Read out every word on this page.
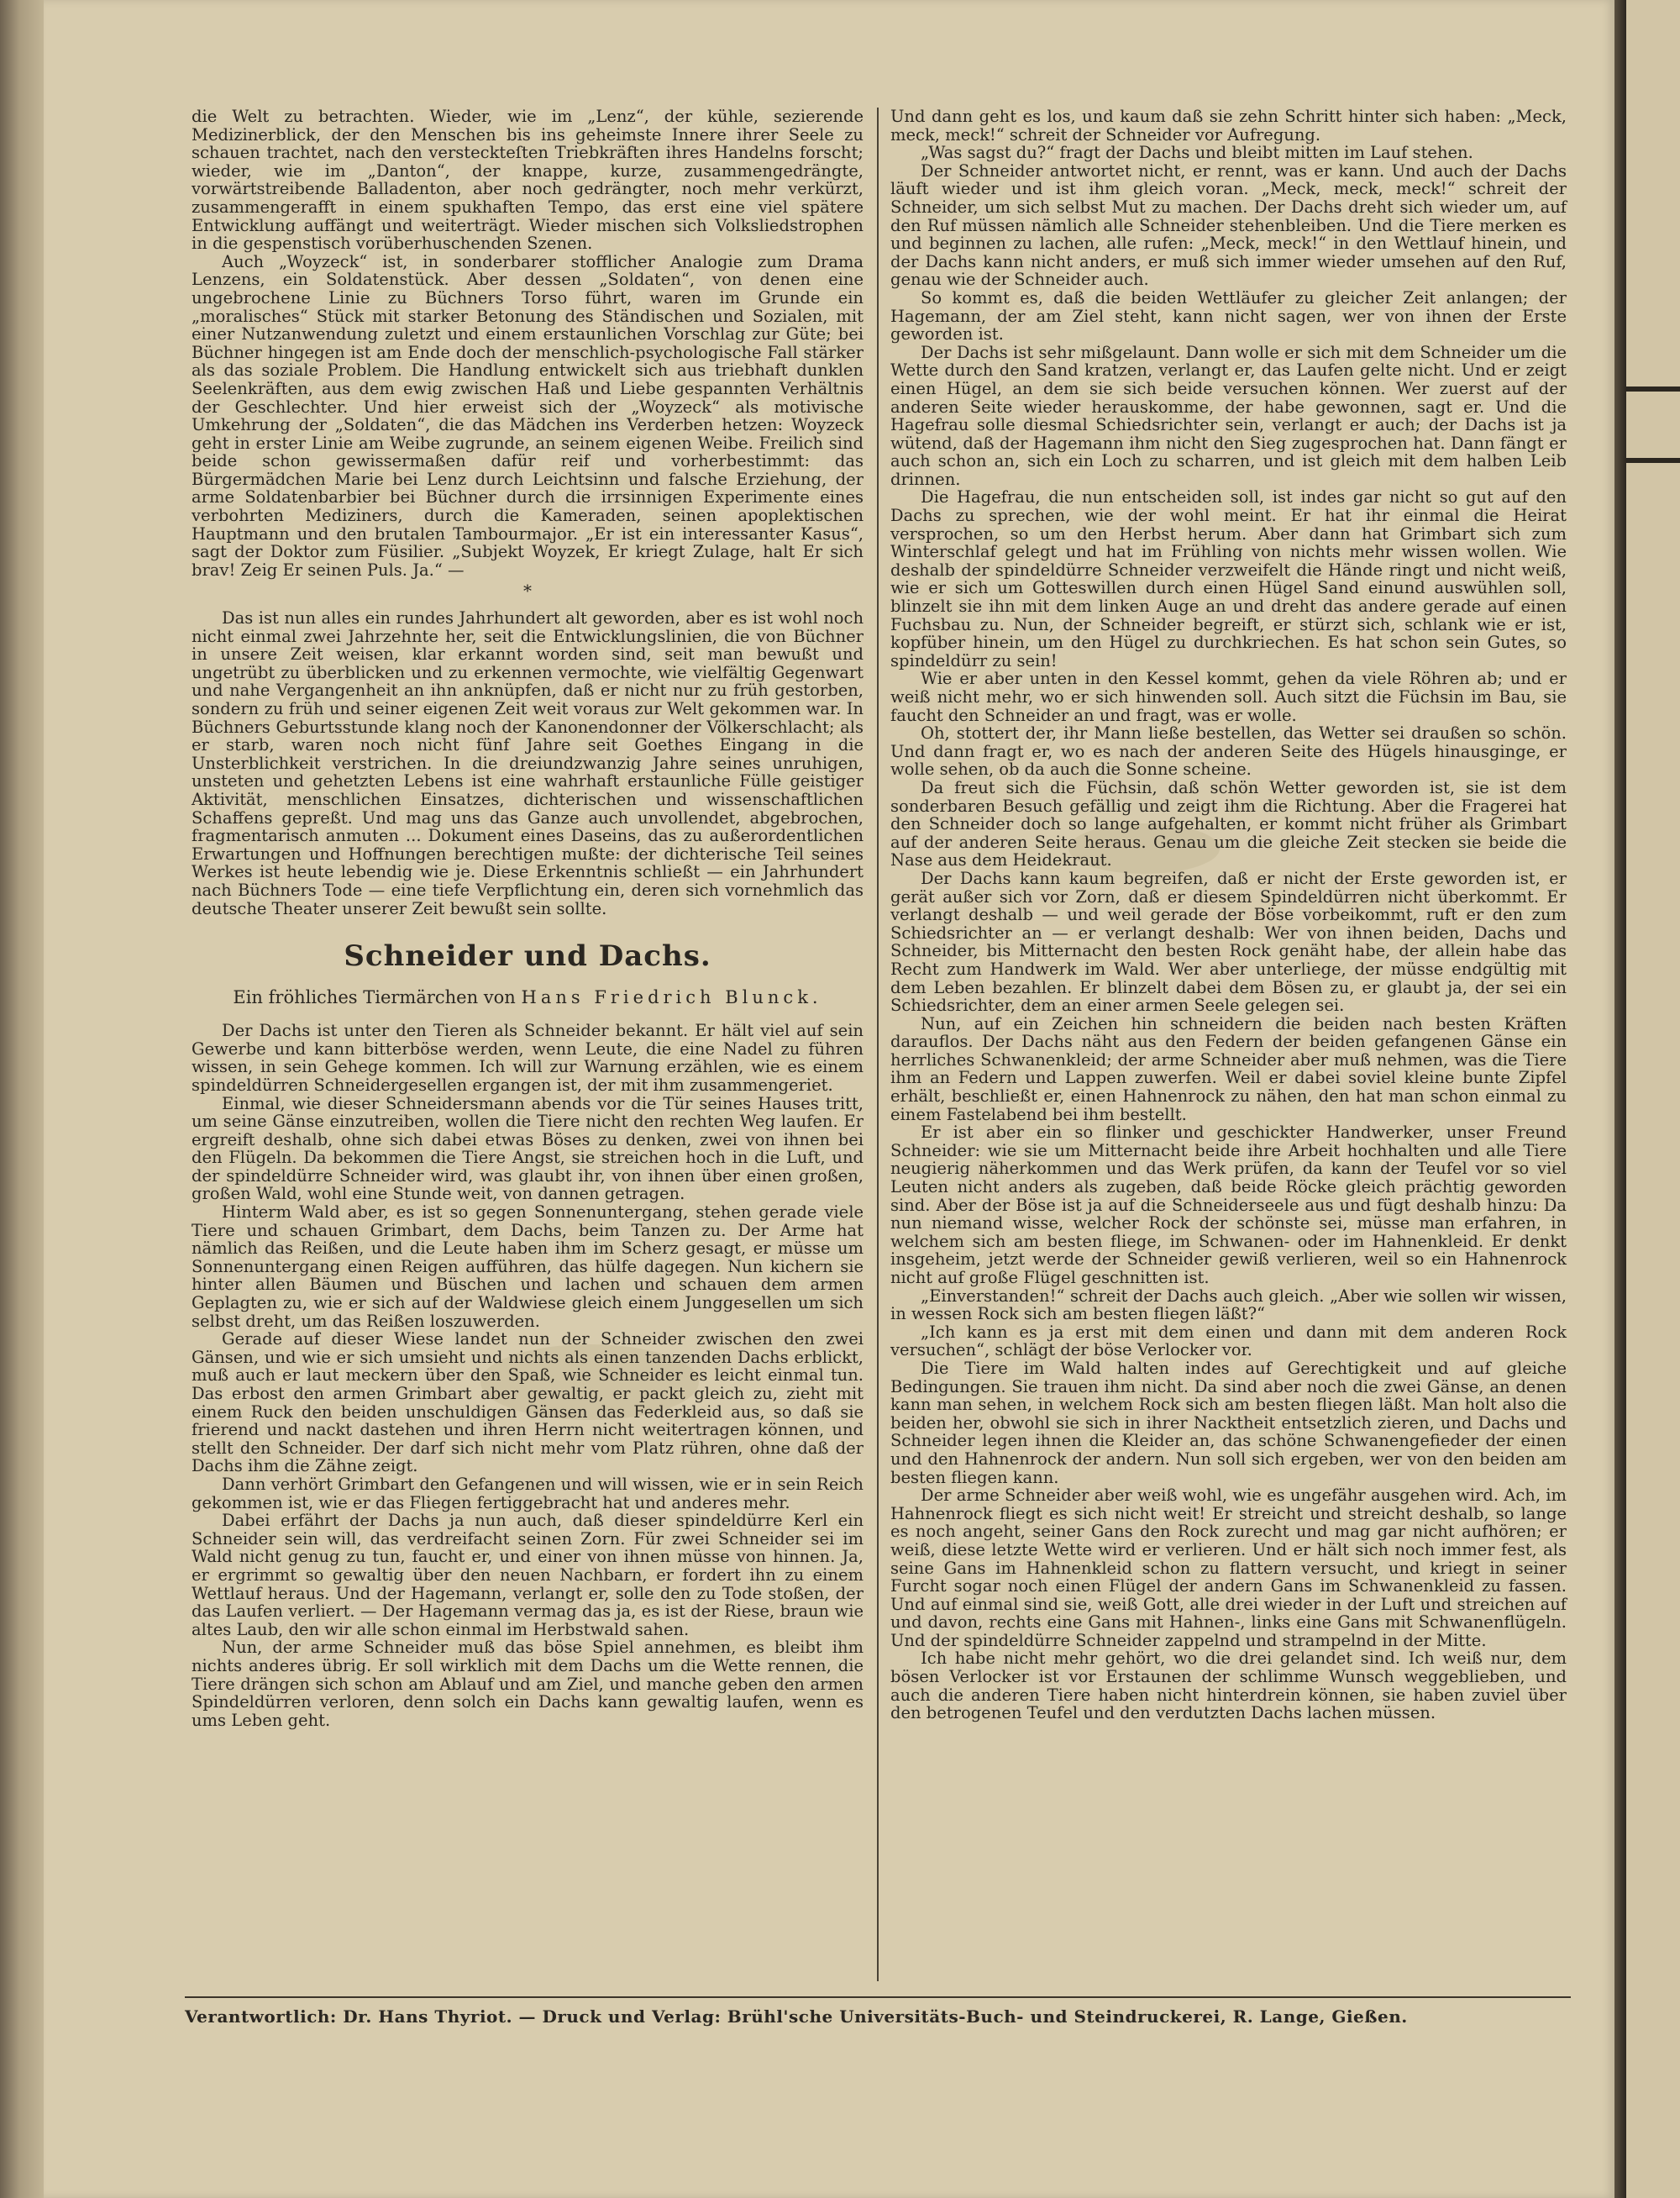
die Welt zu betrachten. Wieder, wie im „Lenz“, der kühle, sezierende Medizinerblick, der den Menschen bis ins geheimste Innere ihrer Seele zu schauen trachtet, nach den versteckteſten Triebkräften ihres Handelns forscht; wieder, wie im „Danton“, der knappe, kurze, zusammengedrängte, vorwärtstreibende Balladenton, aber noch gedrängter, noch mehr verkürzt, zusammengerafft in einem spukhaften Tempo, das erst eine viel spätere Entwicklung auffängt und weiterträgt. Wieder mischen sich Volksliedstrophen in die gespenstisch vorüberhuschenden Szenen.

Auch „Woyzeck“ ist, in sonderbarer stofflicher Analogie zum Drama Lenzens, ein Soldatenstück. Aber dessen „Soldaten“, von denen eine ungebrochene Linie zu Büchners Torso führt, waren im Grunde ein „moralisches“ Stück mit starker Betonung des Ständischen und Sozialen, mit einer Nutzanwendung zuletzt und einem erstaunlichen Vorschlag zur Güte; bei Büchner hingegen ist am Ende doch der menschlich-psychologische Fall stärker als das soziale Problem. Die Handlung entwickelt sich aus triebhaft dunklen Seelenkräften, aus dem ewig zwischen Haß und Liebe gespannten Verhältnis der Geschlechter. Und hier erweist sich der „Woyzeck“ als motivische Umkehrung der „Soldaten“, die das Mädchen ins Verderben hetzen: Woyzeck geht in erster Linie am Weibe zugrunde, an seinem eigenen Weibe. Freilich sind beide schon gewissermaßen dafür reif und vorherbestimmt: das Bürgermädchen Marie bei Lenz durch Leichtsinn und falsche Erziehung, der arme Soldatenbarbier bei Büchner durch die irrsinnigen Experimente eines verbohrten Mediziners, durch die Kameraden, seinen apoplektischen Hauptmann und den brutalen Tambourmajor. „Er ist ein interessanter Kasus“, sagt der Doktor zum Füsilier. „Subjekt Woyzek, Er kriegt Zulage, halt Er sich brav! Zeig Er seinen Puls. Ja.“ —

*

Das ist nun alles ein rundes Jahrhundert alt geworden, aber es ist wohl noch nicht einmal zwei Jahrzehnte her, seit die Entwicklungslinien, die von Büchner in unsere Zeit weisen, klar erkannt worden sind, seit man bewußt und ungetrübt zu überblicken und zu erkennen vermochte, wie vielfältig Gegenwart und nahe Vergangenheit an ihn anknüpfen, daß er nicht nur zu früh gestorben, sondern zu früh und seiner eigenen Zeit weit voraus zur Welt gekommen war. In Büchners Geburtsstunde klang noch der Kanonendonner der Völkerschlacht; als er starb, waren noch nicht fünf Jahre seit Goethes Eingang in die Unsterblichkeit verstrichen. In die dreiundzwanzig Jahre seines unruhigen, unsteten und gehetzten Lebens ist eine wahrhaft erstaunliche Fülle geistiger Aktivität, menschlichen Einsatzes, dichterischen und wissenschaftlichen Schaffens gepreßt. Und mag uns das Ganze auch unvollendet, abgebrochen, fragmentarisch anmuten ... Dokument eines Daseins, das zu außerordentlichen Erwartungen und Hoffnungen berechtigen mußte: der dichterische Teil seines Werkes ist heute lebendig wie je. Diese Erkenntnis schließt — ein Jahrhundert nach Büchners Tode — eine tiefe Verpflichtung ein, deren sich vornehmlich das deutsche Theater unserer Zeit bewußt sein sollte.

Schneider und Dachs.
Ein fröhliches Tiermärchen von Hans Friedrich Blunck.

Der Dachs ist unter den Tieren als Schneider bekannt. Er hält viel auf sein Gewerbe und kann bitterböse werden, wenn Leute, die eine Nadel zu führen wissen, in sein Gehege kommen. Ich will zur Warnung erzählen, wie es einem spindeldürren Schneidergesellen ergangen ist, der mit ihm zusammengeriet.

Einmal, wie dieser Schneidersmann abends vor die Tür seines Hauses tritt, um seine Gänse einzutreiben, wollen die Tiere nicht den rechten Weg laufen. Er ergreift deshalb, ohne sich dabei etwas Böses zu denken, zwei von ihnen bei den Flügeln. Da bekommen die Tiere Angst, sie streichen hoch in die Luft, und der spindeldürre Schneider wird, was glaubt ihr, von ihnen über einen großen, großen Wald, wohl eine Stunde weit, von dannen getragen.

Hinterm Wald aber, es ist so gegen Sonnenuntergang, stehen gerade viele Tiere und schauen Grimbart, dem Dachs, beim Tanzen zu. Der Arme hat nämlich das Reißen, und die Leute haben ihm im Scherz gesagt, er müsse um Sonnenuntergang einen Reigen aufführen, das hülfe dagegen. Nun kichern sie hinter allen Bäumen und Büschen und lachen und schauen dem armen Geplagten zu, wie er sich auf der Waldwiese gleich einem Junggesellen um sich selbst dreht, um das Reißen loszuwerden.

Gerade auf dieser Wiese landet nun der Schneider zwischen den zwei Gänsen, und wie er sich umsieht und nichts als einen tanzenden Dachs erblickt, muß auch er laut meckern über den Spaß, wie Schneider es leicht einmal tun. Das erbost den armen Grimbart aber gewaltig, er packt gleich zu, zieht mit einem Ruck den beiden unschuldigen Gänsen das Federkleid aus, so daß sie frierend und nackt dastehen und ihren Herrn nicht weitertragen können, und stellt den Schneider. Der darf sich nicht mehr vom Platz rühren, ohne daß der Dachs ihm die Zähne zeigt.

Dann verhört Grimbart den Gefangenen und will wissen, wie er in sein Reich gekommen ist, wie er das Fliegen fertiggebracht hat und anderes mehr.

Dabei erfährt der Dachs ja nun auch, daß dieser spindeldürre Kerl ein Schneider sein will, das verdreifacht seinen Zorn. Für zwei Schneider sei im Wald nicht genug zu tun, faucht er, und einer von ihnen müsse von hinnen. Ja, er ergrimmt so gewaltig über den neuen Nachbarn, er fordert ihn zu einem Wettlauf heraus. Und der Hagemann, verlangt er, solle den zu Tode stoßen, der das Laufen verliert. — Der Hagemann vermag das ja, es ist der Riese, braun wie altes Laub, den wir alle schon einmal im Herbstwald sahen.

Nun, der arme Schneider muß das böse Spiel annehmen, es bleibt ihm nichts anderes übrig. Er soll wirklich mit dem Dachs um die Wette rennen, die Tiere drängen sich schon am Ablauf und am Ziel, und manche geben den armen Spindeldürren verloren, denn solch ein Dachs kann gewaltig laufen, wenn es ums Leben geht.

Und dann geht es los, und kaum daß sie zehn Schritt hinter sich haben: „Meck, meck, meck!“ schreit der Schneider vor Aufregung.

„Was sagst du?“ fragt der Dachs und bleibt mitten im Lauf stehen.

Der Schneider antwortet nicht, er rennt, was er kann. Und auch der Dachs läuft wieder und ist ihm gleich voran. „Meck, meck, meck!“ schreit der Schneider, um sich selbst Mut zu machen. Der Dachs dreht sich wieder um, auf den Ruf müssen nämlich alle Schneider stehenbleiben. Und die Tiere merken es und beginnen zu lachen, alle rufen: „Meck, meck!“ in den Wettlauf hinein, und der Dachs kann nicht anders, er muß sich immer wieder umsehen auf den Ruf, genau wie der Schneider auch.

So kommt es, daß die beiden Wettläufer zu gleicher Zeit anlangen; der Hagemann, der am Ziel steht, kann nicht sagen, wer von ihnen der Erste geworden ist.

Der Dachs ist sehr mißgelaunt. Dann wolle er sich mit dem Schneider um die Wette durch den Sand kratzen, verlangt er, das Laufen gelte nicht. Und er zeigt einen Hügel, an dem sie sich beide versuchen können. Wer zuerst auf der anderen Seite wieder herauskomme, der habe gewonnen, sagt er. Und die Hagefrau solle diesmal Schiedsrichter sein, verlangt er auch; der Dachs ist ja wütend, daß der Hagemann ihm nicht den Sieg zugesprochen hat. Dann fängt er auch schon an, sich ein Loch zu scharren, und ist gleich mit dem halben Leib drinnen.

Die Hagefrau, die nun entscheiden soll, ist indes gar nicht so gut auf den Dachs zu sprechen, wie der wohl meint. Er hat ihr einmal die Heirat versprochen, so um den Herbst herum. Aber dann hat Grimbart sich zum Winterschlaf gelegt und hat im Frühling von nichts mehr wissen wollen. Wie deshalb der spindeldürre Schneider verzweifelt die Hände ringt und nicht weiß, wie er sich um Gotteswillen durch einen Hügel Sand einund auswühlen soll, blinzelt sie ihn mit dem linken Auge an und dreht das andere gerade auf einen Fuchsbau zu. Nun, der Schneider begreift, er stürzt sich, schlank wie er ist, kopfüber hinein, um den Hügel zu durchkriechen. Es hat schon sein Gutes, so spindeldürr zu sein!

Wie er aber unten in den Kessel kommt, gehen da viele Röhren ab; und er weiß nicht mehr, wo er sich hinwenden soll. Auch sitzt die Füchsin im Bau, sie faucht den Schneider an und fragt, was er wolle.

Oh, stottert der, ihr Mann ließe bestellen, das Wetter sei draußen so schön. Und dann fragt er, wo es nach der anderen Seite des Hügels hinausginge, er wolle sehen, ob da auch die Sonne scheine.

Da freut sich die Füchsin, daß schön Wetter geworden ist, sie ist dem sonderbaren Besuch gefällig und zeigt ihm die Richtung. Aber die Fragerei hat den Schneider doch so lange aufgehalten, er kommt nicht früher als Grimbart auf der anderen Seite heraus. Genau um die gleiche Zeit stecken sie beide die Nase aus dem Heidekraut.

Der Dachs kann kaum begreifen, daß er nicht der Erste geworden ist, er gerät außer sich vor Zorn, daß er diesem Spindeldürren nicht überkommt. Er verlangt deshalb — und weil gerade der Böse vorbeikommt, ruft er den zum Schiedsrichter an — er verlangt deshalb: Wer von ihnen beiden, Dachs und Schneider, bis Mitternacht den besten Rock genäht habe, der allein habe das Recht zum Handwerk im Wald. Wer aber unterliege, der müsse endgültig mit dem Leben bezahlen. Er blinzelt dabei dem Bösen zu, er glaubt ja, der sei ein Schiedsrichter, dem an einer armen Seele gelegen sei.

Nun, auf ein Zeichen hin schneidern die beiden nach besten Kräften darauflos. Der Dachs näht aus den Federn der beiden gefangenen Gänse ein herrliches Schwanenkleid; der arme Schneider aber muß nehmen, was die Tiere ihm an Federn und Lappen zuwerfen. Weil er dabei soviel kleine bunte Zipfel erhält, beschließt er, einen Hahnenrock zu nähen, den hat man schon einmal zu einem Fastelabend bei ihm bestellt.

Er ist aber ein so flinker und geschickter Handwerker, unser Freund Schneider: wie sie um Mitternacht beide ihre Arbeit hochhalten und alle Tiere neugierig näherkommen und das Werk prüfen, da kann der Teufel vor so viel Leuten nicht anders als zugeben, daß beide Röcke gleich prächtig geworden sind. Aber der Böse ist ja auf die Schneiderseele aus und fügt deshalb hinzu: Da nun niemand wisse, welcher Rock der schönste sei, müsse man erfahren, in welchem sich am besten fliege, im Schwanen- oder im Hahnenkleid. Er denkt insgeheim, jetzt werde der Schneider gewiß verlieren, weil so ein Hahnenrock nicht auf große Flügel geschnitten ist.

„Einverstanden!“ schreit der Dachs auch gleich. „Aber wie sollen wir wissen, in wessen Rock sich am besten fliegen läßt?“

„Ich kann es ja erst mit dem einen und dann mit dem anderen Rock versuchen“, schlägt der böse Verlocker vor.

Die Tiere im Wald halten indes auf Gerechtigkeit und auf gleiche Bedingungen. Sie trauen ihm nicht. Da sind aber noch die zwei Gänse, an denen kann man sehen, in welchem Rock sich am besten fliegen läßt. Man holt also die beiden her, obwohl sie sich in ihrer Nacktheit entsetzlich zieren, und Dachs und Schneider legen ihnen die Kleider an, das schöne Schwanengefieder der einen und den Hahnenrock der andern. Nun soll sich ergeben, wer von den beiden am besten fliegen kann.

Der arme Schneider aber weiß wohl, wie es ungefähr ausgehen wird. Ach, im Hahnenrock fliegt es sich nicht weit! Er streicht und streicht deshalb, so lange es noch angeht, seiner Gans den Rock zurecht und mag gar nicht aufhören; er weiß, diese letzte Wette wird er verlieren. Und er hält sich noch immer fest, als seine Gans im Hahnenkleid schon zu flattern versucht, und kriegt in seiner Furcht sogar noch einen Flügel der andern Gans im Schwanenkleid zu fassen. Und auf einmal sind sie, weiß Gott, alle drei wieder in der Luft und streichen auf und davon, rechts eine Gans mit Hahnen-, links eine Gans mit Schwanenflügeln. Und der spindeldürre Schneider zappelnd und strampelnd in der Mitte.

Ich habe nicht mehr gehört, wo die drei gelandet sind. Ich weiß nur, dem bösen Verlocker ist vor Erstaunen der schlimme Wunsch weggeblieben, und auch die anderen Tiere haben nicht hinterdrein können, sie haben zuviel über den betrogenen Teufel und den verdutzten Dachs lachen müssen.

Verantwortlich: Dr. Hans Thyriot. — Druck und Verlag: Brühl'sche Universitäts-Buch- und Steindruckerei, R. Lange, Gießen.
